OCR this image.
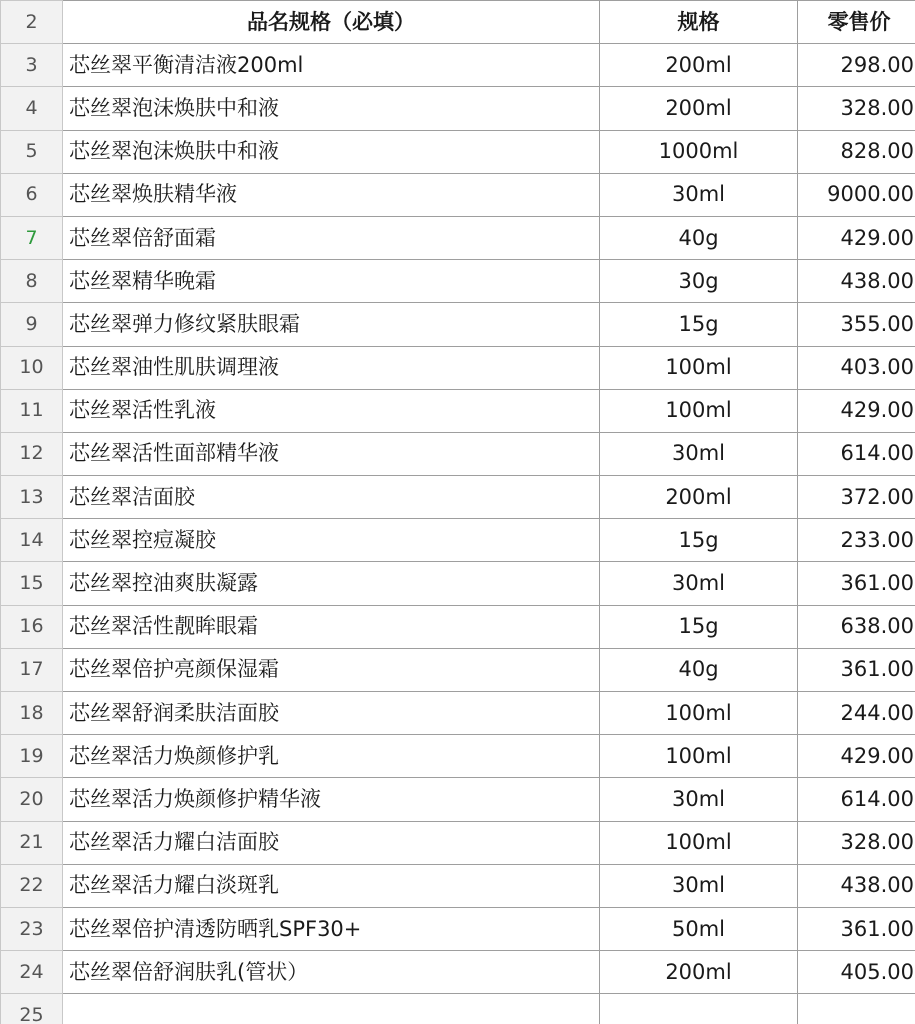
2	品名规格（必填）	规格	零售价
3	芯丝翠平衡清洁液200ml	200ml	298.00
4	芯丝翠泡沫焕肤中和液	200ml	328.00
5	芯丝翠泡沫焕肤中和液	1000ml	828.00
6	芯丝翠焕肤精华液	30ml	9000.00
7	芯丝翠倍舒面霜	40g	429.00
8	芯丝翠精华晚霜	30g	438.00
9	芯丝翠弹力修纹紧肤眼霜	15g	355.00
10	芯丝翠油性肌肤调理液	100ml	403.00
11	芯丝翠活性乳液	100ml	429.00
12	芯丝翠活性面部精华液	30ml	614.00
13	芯丝翠洁面胶	200ml	372.00
14	芯丝翠控痘凝胶	15g	233.00
15	芯丝翠控油爽肤凝露	30ml	361.00
16	芯丝翠活性靓眸眼霜	15g	638.00
17	芯丝翠倍护亮颜保湿霜	40g	361.00
18	芯丝翠舒润柔肤洁面胶	100ml	244.00
19	芯丝翠活力焕颜修护乳	100ml	429.00
20	芯丝翠活力焕颜修护精华液	30ml	614.00
21	芯丝翠活力耀白洁面胶	100ml	328.00
22	芯丝翠活力耀白淡斑乳	30ml	438.00
23	芯丝翠倍护清透防晒乳SPF30+	50ml	361.00
24	芯丝翠倍舒润肤乳(管状）	200ml	405.00
25			
